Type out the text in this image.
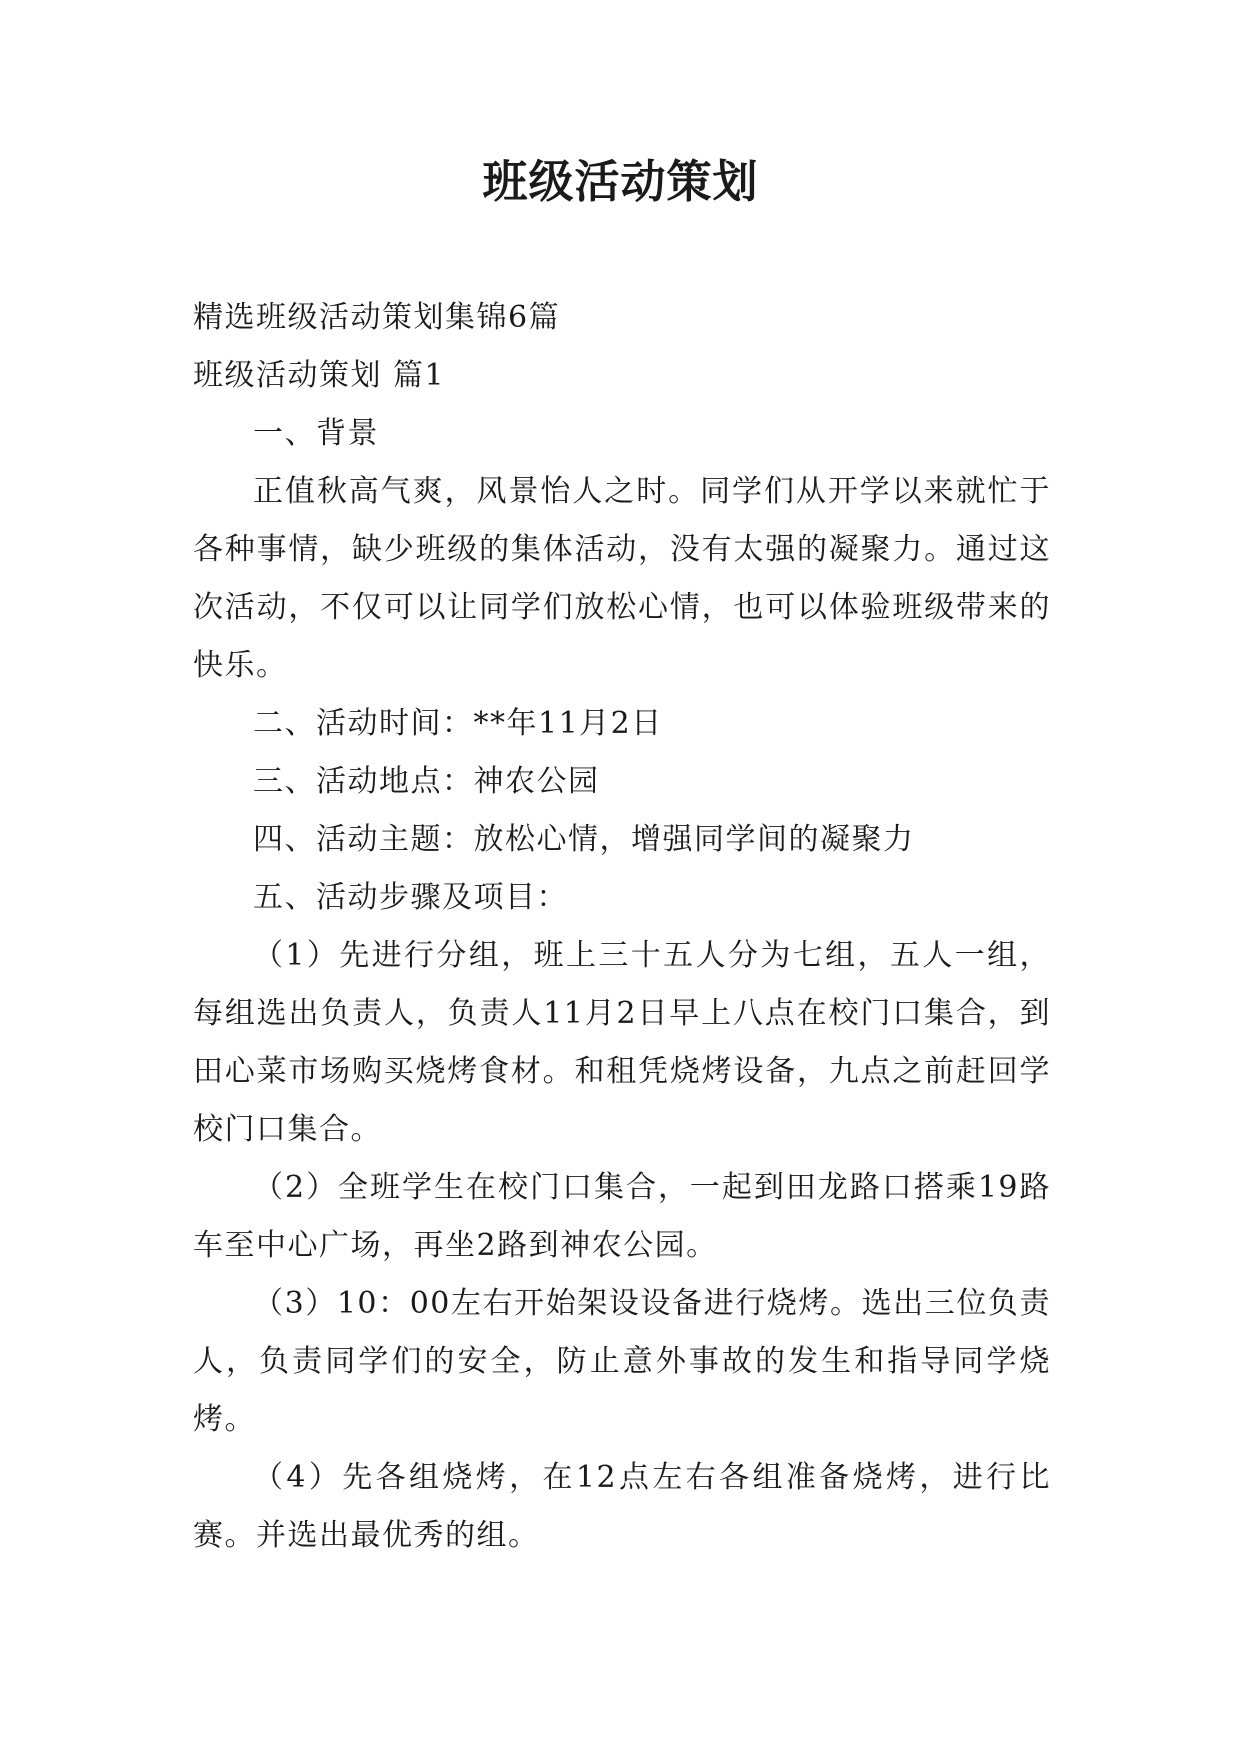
班级活动策划

精选班级活动策划集锦6篇

班级活动策划 篇1

一、背景

正值秋高气爽，风景怡人之时。同学们从开学以来就忙于各种事情，缺少班级的集体活动，没有太强的凝聚力。通过这次活动，不仅可以让同学们放松心情，也可以体验班级带来的快乐。

二、活动时间：**年11月2日

三、活动地点：神农公园

四、活动主题：放松心情，增强同学间的凝聚力

五、活动步骤及项目：

（1）先进行分组，班上三十五人分为七组，五人一组，每组选出负责人，负责人11月2日早上八点在校门口集合，到田心菜市场购买烧烤食材。和租凭烧烤设备，九点之前赶回学校门口集合。

（2）全班学生在校门口集合，一起到田龙路口搭乘19路车至中心广场，再坐2路到神农公园。

（3）10：00左右开始架设设备进行烧烤。选出三位负责人，负责同学们的安全，防止意外事故的发生和指导同学烧烤。

（4）先各组烧烤，在12点左右各组准备烧烤，进行比赛。并选出最优秀的组。
